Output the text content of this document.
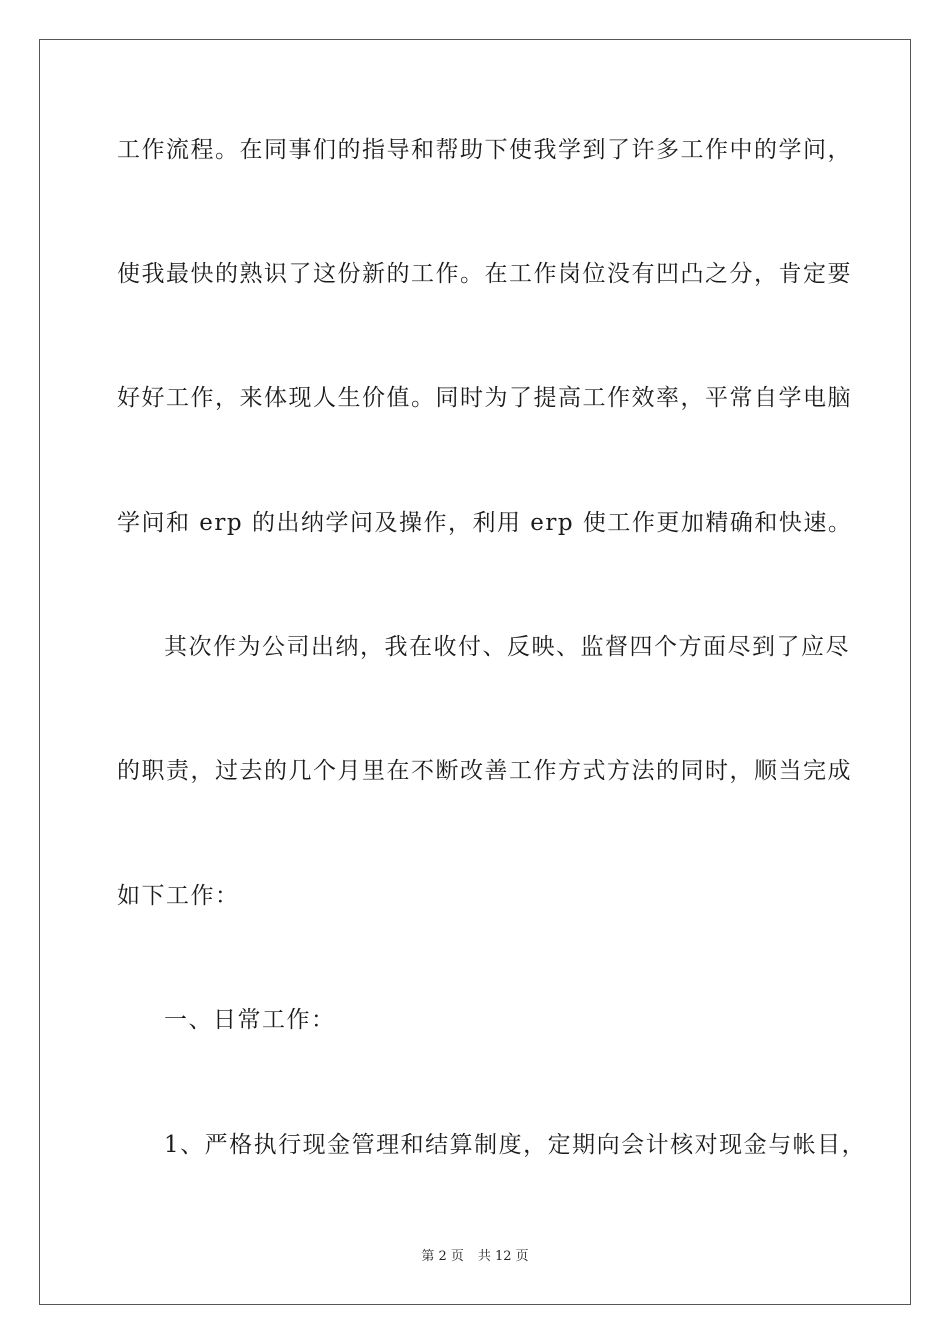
工作流程。在同事们的指导和帮助下使我学到了许多工作中的学问，
使我最快的熟识了这份新的工作。在工作岗位没有凹凸之分，肯定要
好好工作，来体现人生价值。同时为了提高工作效率，平常自学电脑
学问和 erp 的出纳学问及操作，利用 erp 使工作更加精确和快速。
其次作为公司出纳，我在收付、反映、监督四个方面尽到了应尽
的职责，过去的几个月里在不断改善工作方式方法的同时，顺当完成
如下工作：
一、日常工作：
1、严格执行现金管理和结算制度，定期向会计核对现金与帐目，
第 2 页 共 12 页
